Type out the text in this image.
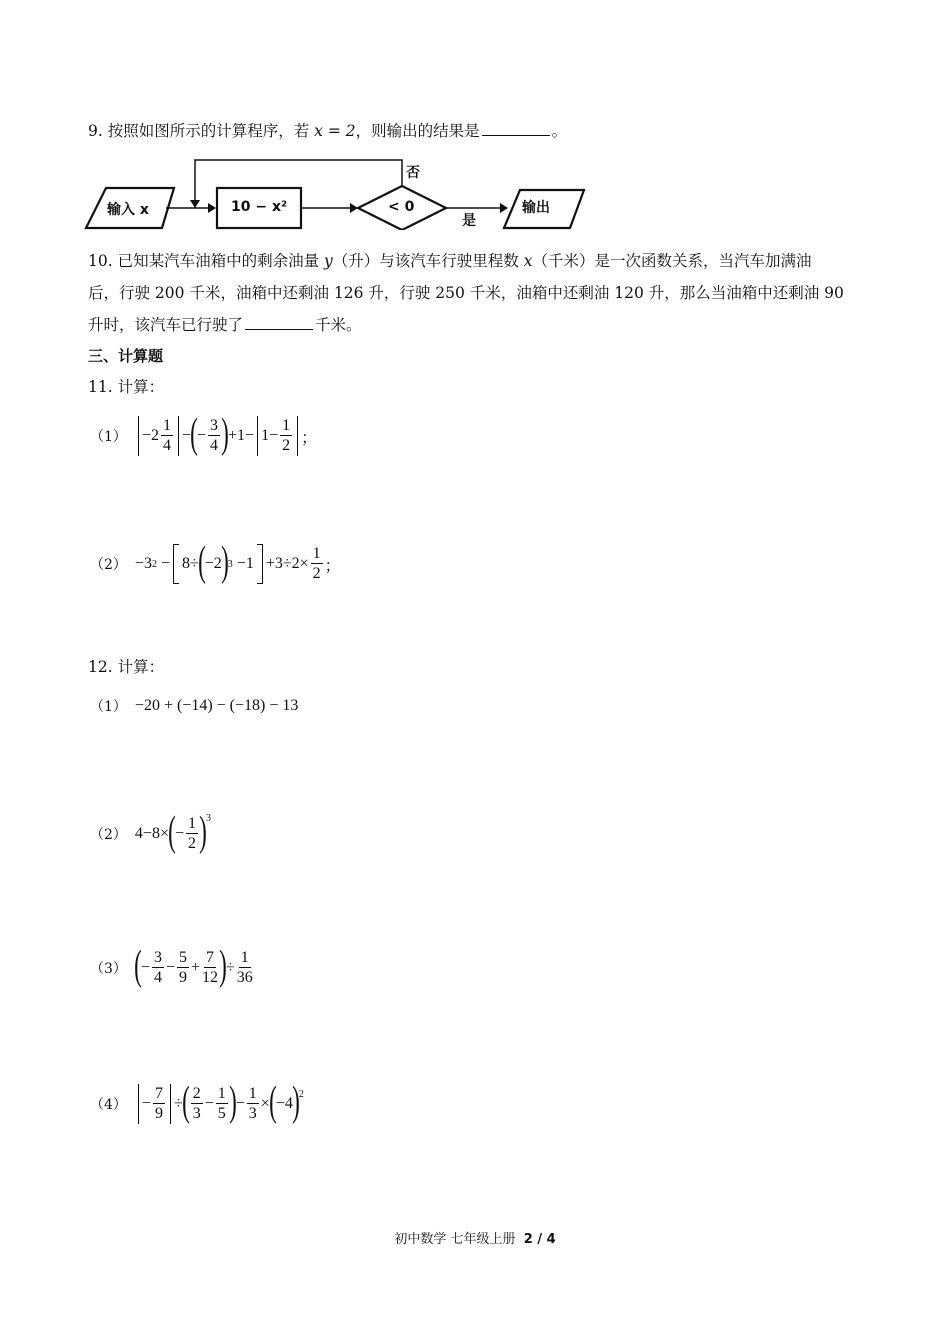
9. 按照如图所示的计算程序，若 x = 2，则输出的结果是	。
输入 x	10 − x²	< 0	输出
否
是
10. 已知某汽车油箱中的剩余油量 y（升）与该汽车行驶里程数 x（千米）是一次函数关系，当汽车加满油
后，行驶 200 千米，油箱中还剩油 126 升，行驶 250 千米，油箱中还剩油 120 升，那么当油箱中还剩油 90
升时，该汽车已行驶了	千米。
三、计算题
11. 计算：
$(1) -2 \frac{1}{4}$ − ( − $\frac{3}{4}$ ) $+1- 1- \frac{1}{2}$ ；
（2） −3 2 − 8÷ ( −2 ) $3 -1 +3\div 2\times \frac{1}{2}$ ；
12. 计算：
（1） −20 + (−14) − (−18) − 13
（2） 4−8× ( − $\frac{1}{2} )^3$
（3） ( − $\frac{3}{4} - \frac{5}{9} + \frac{7}{12}$ ) ÷ $\frac{1}{36}$
$(4) - \frac{7}{9}$ ÷ ( $\frac{2}{3} - \frac{1}{5}$ ) − $\frac{1}{3}$ × ( −4 )$^2$
初中数学 七年级上册 2 / 4
